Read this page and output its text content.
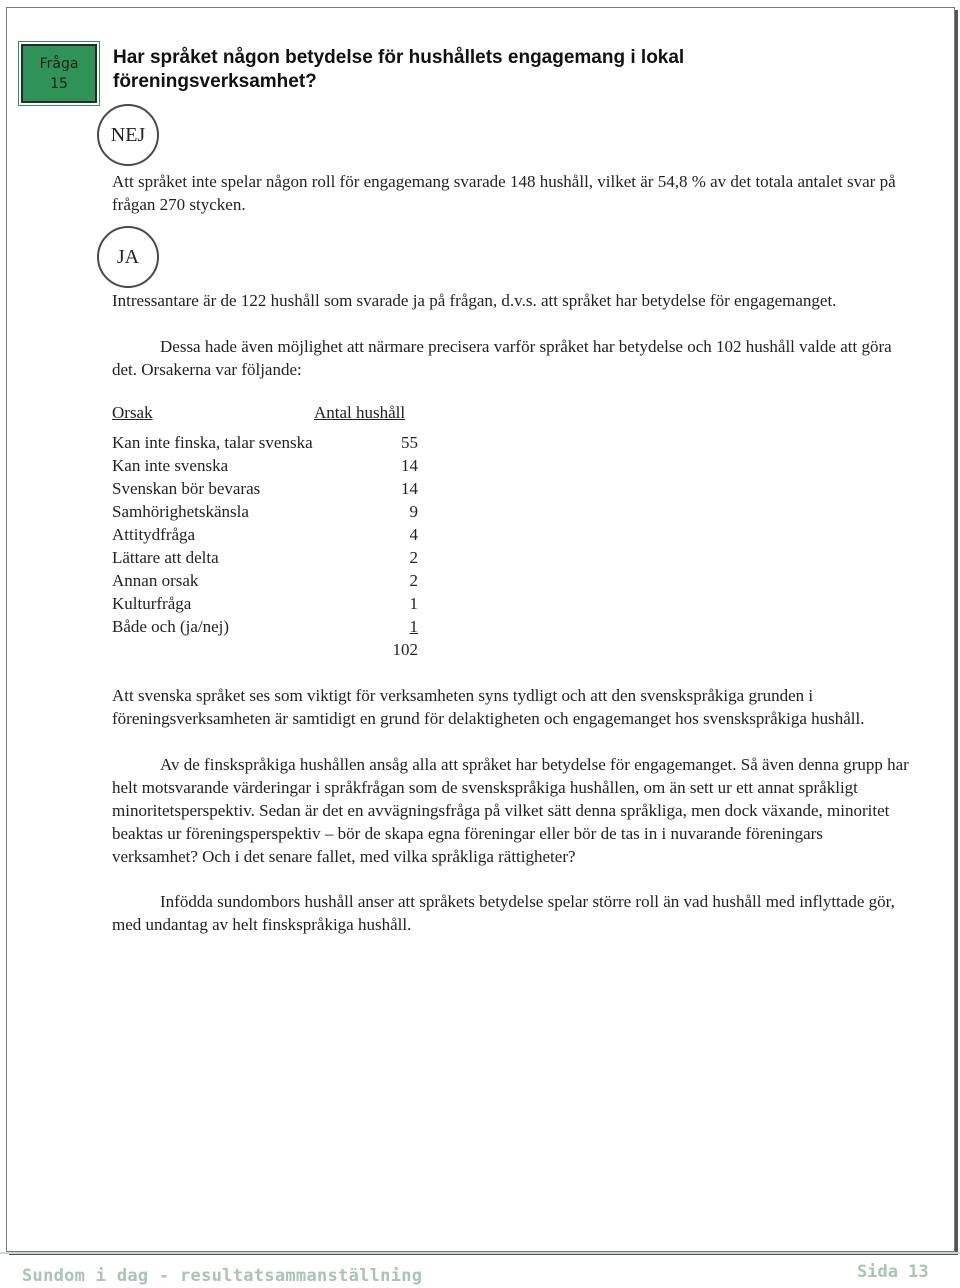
Fråga
15
Har språket någon betydelse för hushållets engagemang i lokal föreningsverksamhet?
NEJ

Att språket inte spelar någon roll för engagemang svarade 148 hushåll, vilket är 54,8 % av det totala antalet svar på frågan 270 stycken.

JA

Intressantare är de 122 hushåll som svarade ja på frågan, d.v.s. att språket har betydelse för engagemanget.

Dessa hade även möjlighet att närmare precisera varför språket har betydelse och 102 hushåll valde att göra det. Orsakerna var följande:

Orsak	Antal hushåll
Kan inte finska, talar svenska	55
Kan inte svenska	14
Svenskan bör bevaras	14
Samhörighetskänsla	9
Attitydfråga	4
Lättare att delta	2
Annan orsak	2
Kulturfråga	1
Både och (ja/nej)	1
102

Att svenska språket ses som viktigt för verksamheten syns tydligt och att den svenskspråkiga grunden i föreningsverksamheten är samtidigt en grund för delaktigheten och engagemanget hos svenskspråkiga hushåll.

Av de finskspråkiga hushållen ansåg alla att språket har betydelse för engagemanget. Så även denna grupp har helt motsvarande värderingar i språkfrågan som de svenskspråkiga hushållen, om än sett ur ett annat språkligt minoritetsperspektiv. Sedan är det en avvägningsfråga på vilket sätt denna språkliga, men dock växande, minoritet beaktas ur föreningsperspektiv – bör de skapa egna föreningar eller bör de tas in i nuvarande föreningars verksamhet? Och i det senare fallet, med vilka språkliga rättigheter?

Infödda sundombors hushåll anser att språkets betydelse spelar större roll än vad hushåll med inflyttade gör, med undantag av helt finskspråkiga hushåll.

Sundom i dag - resultatsammanställning	Sida 13
